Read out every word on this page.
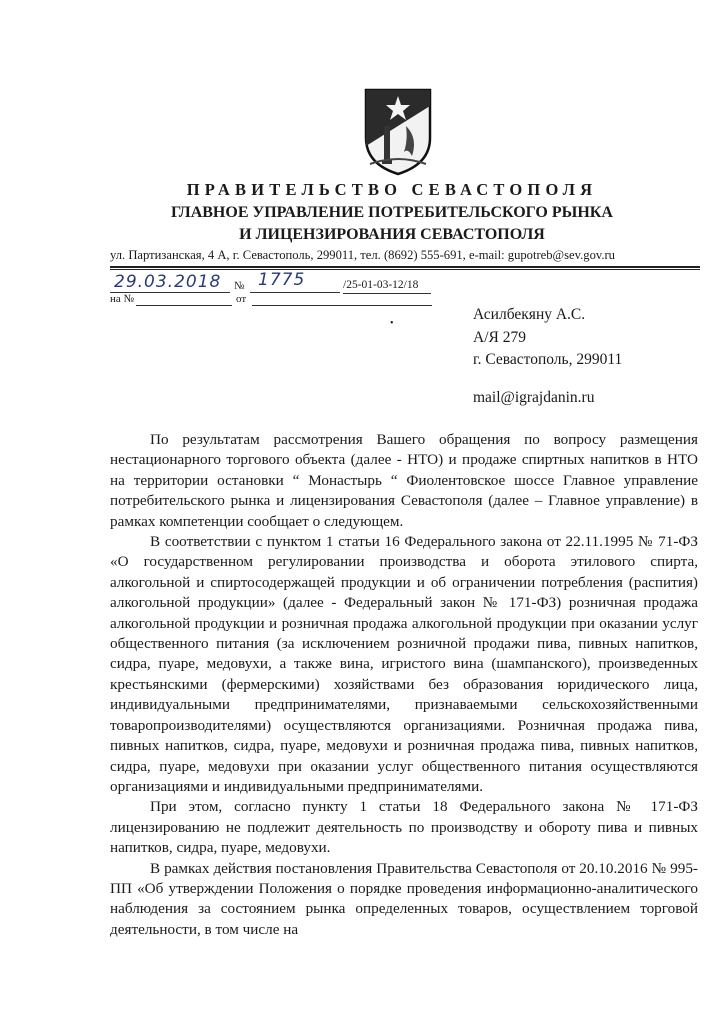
ПРАВИТЕЛЬСТВО СЕВАСТОПОЛЯ
ГЛАВНОЕ УПРАВЛЕНИЕ ПОТРЕБИТЕЛЬСКОГО РЫНКА
И ЛИЦЕНЗИРОВАНИЯ СЕВАСТОПОЛЯ
ул. Партизанская, 4 А, г. Севастополь, 299011, тел. (8692) 555-691, e-mail: gupotreb@sev.gov.ru
29.03.2018 № 1775	/25-01-03-12/18
на №	от
•
Асилбекяну А.С.
А/Я 279
г. Севастополь, 299011
mail@igrajdanin.ru

По результатам рассмотрения Вашего обращения по вопросу размещения нестационарного торгового объекта (далее - НТО) и продаже спиртных напитков в НТО на территории остановки “ Монастырь “ Фиолентовское шоссе Главное управление потребительского рынка и лицензирования Севастополя (далее – Главное управление) в рамках компетенции сообщает о следующем.

В соответствии с пунктом 1 статьи 16 Федерального закона от 22.11.1995 № 71-ФЗ «О государственном регулировании производства и оборота этилового спирта, алкогольной и спиртосодержащей продукции и об ограничении потребления (распития) алкогольной продукции» (далее - Федеральный закон № 171-ФЗ) розничная продажа алкогольной продукции и розничная продажа алкогольной продукции при оказании услуг общественного питания (за исключением розничной продажи пива, пивных напитков, сидра, пуаре, медовухи, а также вина, игристого вина (шампанского), произведенных крестьянскими (фермерскими) хозяйствами без образования юридического лица, индивидуальными предпринимателями, признаваемыми сельскохозяйственными товаропроизводителями) осуществляются организациями. Розничная продажа пива, пивных напитков, сидра, пуаре, медовухи и розничная продажа пива, пивных напитков, сидра, пуаре, медовухи при оказании услуг общественного питания осуществляются организациями и индивидуальными предпринимателями.

При этом, согласно пункту 1 статьи 18 Федерального закона № 171-ФЗ лицензированию не подлежит деятельность по производству и обороту пива и пивных напитков, сидра, пуаре, медовухи.

В рамках действия постановления Правительства Севастополя от 20.10.2016 № 995-ПП «Об утверждении Положения о порядке проведения информационно-аналитического наблюдения за состоянием рынка определенных товаров, осуществлением торговой деятельности, в том числе на
